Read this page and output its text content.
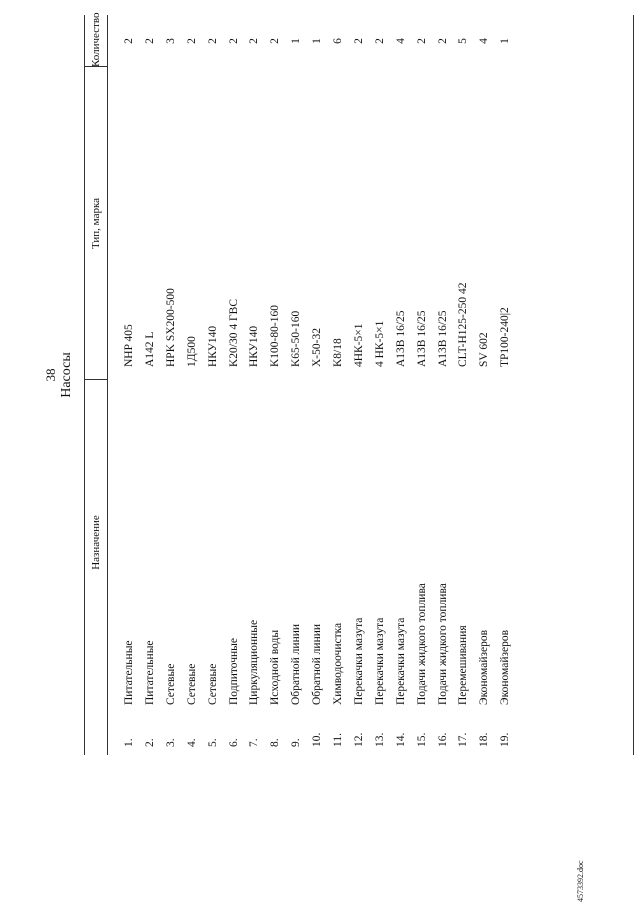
38 Насосы
Назначение
Тип, марка
Количество
1.
Питательные
NHP 405
2
2.
Питательные
A142 L
2
3.
Сетевые
HPK SX200-500
3
4.
Сетевые
1Д500
2
5.
Сетевые
НКУ140
2
6.
Подпиточные
K20/30 4 ГВС
2
7.
Циркуляционные
НКУ140
2
8.
Исходной воды
K100-80-160
2
9.
Обратной линии
K65-50-160
1
10.
Обратной линии
X-50-32
1
11.
Химводоочистка
K8/18
6
12.
Перекачки мазута
4НК-5×1
2
13.
Перекачки мазута
4 НК-5×1
2
14.
Перекачки мазута
A13B 16/25
4
15.
Подачи жидкого топлива
A13B 16/25
2
16.
Подачи жидкого топлива
A13B 16/25
2
17.
Перемешивания
CLT-H125-250 42
5
18.
Экономайзеров
SV 602
4
19.
Экономайзеров
TP100-240|2
1
4573392.doc
